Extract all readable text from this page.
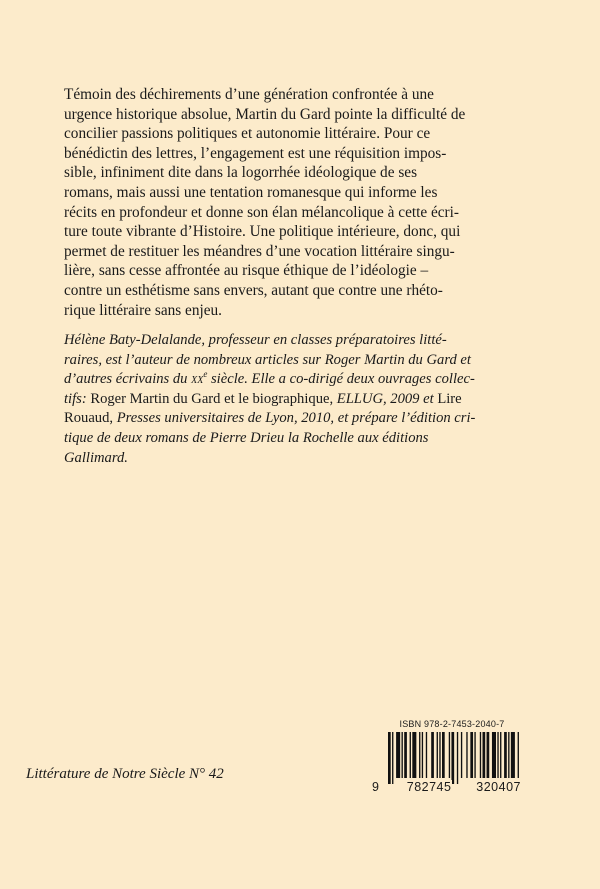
Témoin des déchirements d’une génération confrontée à une
urgence historique absolue, Martin du Gard pointe la difficulté de
concilier passions politiques et autonomie littéraire. Pour ce
bénédictin des lettres, l’engagement est une réquisition impos-
sible, infiniment dite dans la logorrhée idéologique de ses
romans, mais aussi une tentation romanesque qui informe les
récits en profondeur et donne son élan mélancolique à cette écri-
ture toute vibrante d’Histoire. Une politique intérieure, donc, qui
permet de restituer les méandres d’une vocation littéraire singu-
lière, sans cesse affrontée au risque éthique de l’idéologie –
contre un esthétisme sans envers, autant que contre une rhéto-
rique littéraire sans enjeu.
Hélène Baty-Delalande, professeur en classes préparatoires litté-
raires, est l’auteur de nombreux articles sur Roger Martin du Gard et
d’autres écrivains du $xx^e$ siècle. Elle a co-dirigé deux ouvrages collec-
tifs: Roger Martin du Gard et le biographique, ELLUG, 2009 et Lire
Rouaud, Presses universitaires de Lyon, 2010, et prépare l’édition cri-
tique de deux romans de Pierre Drieu la Rochelle aux éditions
Gallimard.
Littérature de Notre Siècle N° 42
ISBN 978-2-7453-2040-7
9	782745 320407
